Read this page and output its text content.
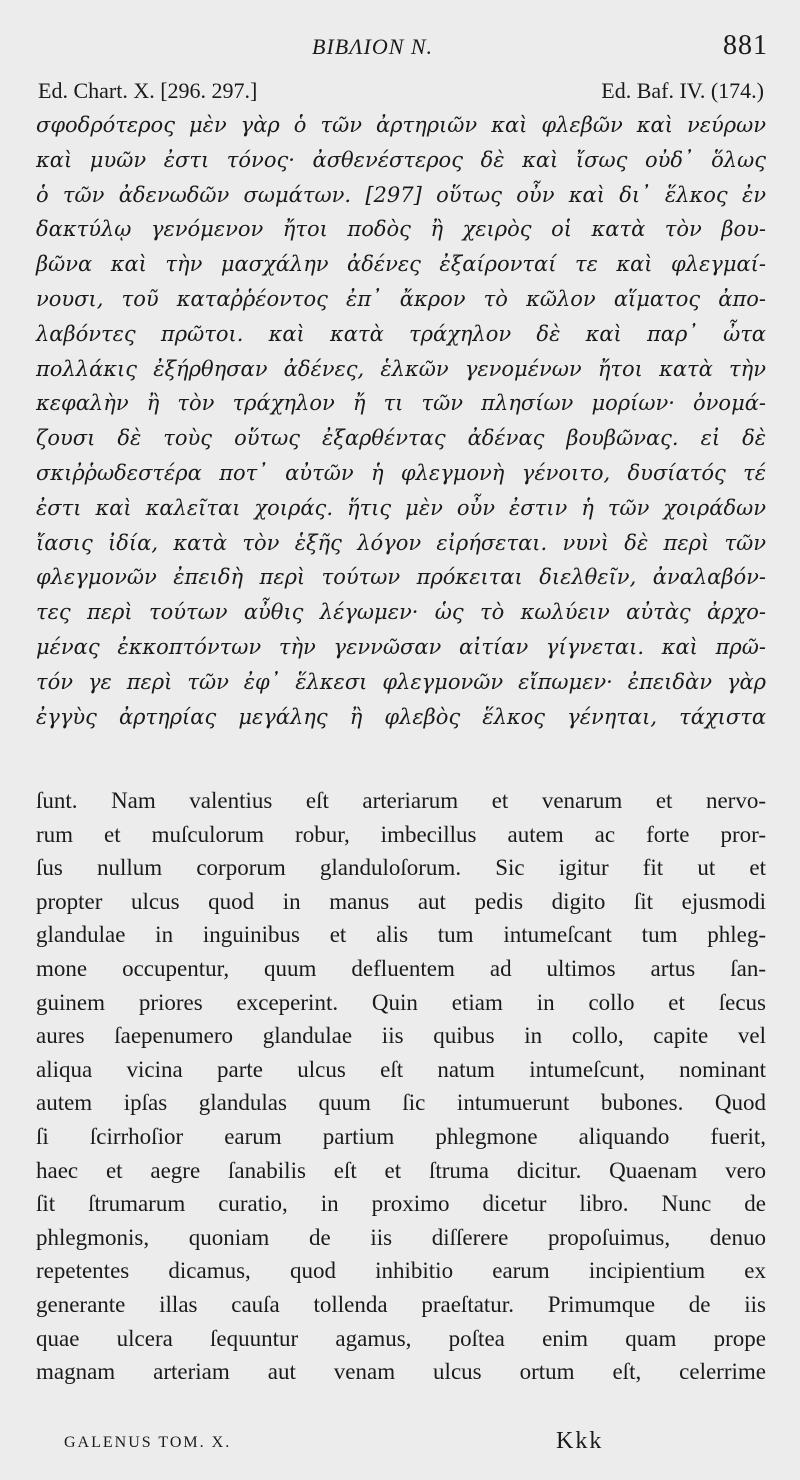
ΒΙΒΛΙΟΝ Ν.	881
Ed. Chart. X. [296. 297.]	Ed. Baf. IV. (174.)
σφοδρότερος μὲν γὰρ ὁ τῶν ἀρτηριῶν καὶ φλεβῶν καὶ νεύρων
καὶ μυῶν ἐστι τόνος· ἀσθενέστερος δὲ καὶ ἴσως οὐδ᾽ ὅλως
ὁ τῶν ἀδενωδῶν σωμάτων. [297] οὕτως οὖν καὶ δι᾽ ἕλκος ἐν
δακτύλῳ γενόμενον ἤτοι ποδὸς ἢ χειρὸς οἱ κατὰ τὸν βου-
βῶνα καὶ τὴν μασχάλην ἀδένες ἐξαίρονταί τε καὶ φλεγμαί-
νουσι, τοῦ καταῤῥέοντος ἐπ᾽ ἄκρον τὸ κῶλον αἵματος ἀπο-
λαβόντες πρῶτοι. καὶ κατὰ τράχηλον δὲ καὶ παρ᾽ ὦτα
πολλάκις ἐξήρθησαν ἀδένες, ἑλκῶν γενομένων ἤτοι κατὰ τὴν
κεφαλὴν ἢ τὸν τράχηλον ἤ τι τῶν πλησίων μορίων· ὀνομά-
ζουσι δὲ τοὺς οὕτως ἐξαρθέντας ἀδένας βουβῶνας. εἰ δὲ
σκιῤῥωδεστέρα ποτ᾽ αὐτῶν ἡ φλεγμονὴ γένοιτο, δυσίατός τέ
ἐστι καὶ καλεῖται χοιράς. ἥτις μὲν οὖν ἐστιν ἡ τῶν χοιράδων
ἴασις ἰδία, κατὰ τὸν ἑξῆς λόγον εἰρήσεται. νυνὶ δὲ περὶ τῶν
φλεγμονῶν ἐπειδὴ περὶ τούτων πρόκειται διελθεῖν, ἀναλαβόν-
τες περὶ τούτων αὖθις λέγωμεν· ὡς τὸ κωλύειν αὐτὰς ἀρχο-
μένας ἐκκοπτόντων τὴν γεννῶσαν αἰτίαν γίγνεται. καὶ πρῶ-
τόν γε περὶ τῶν ἐφ᾽ ἕλκεσι φλεγμονῶν εἴπωμεν· ἐπειδὰν γὰρ
ἐγγὺς ἀρτηρίας μεγάλης ἢ φλεβὸς ἕλκος γένηται, τάχιστα
ſunt. Nam valentius eſt arteriarum et venarum et nervo-
rum et muſculorum robur, imbecillus autem ac forte pror-
ſus nullum corporum glanduloſorum. Sic igitur fit ut et
propter ulcus quod in manus aut pedis digito ſit ejusmodi
glandulae in inguinibus et alis tum intumeſcant tum phleg-
mone occupentur, quum defluentem ad ultimos artus ſan-
guinem priores exceperint. Quin etiam in collo et ſecus
aures ſaepenumero glandulae iis quibus in collo, capite vel
aliqua vicina parte ulcus eſt natum intumeſcunt, nominant
autem ipſas glandulas quum ſic intumuerunt bubones. Quod
ſi ſcirrhoſior earum partium phlegmone aliquando fuerit,
haec et aegre ſanabilis eſt et ſtruma dicitur. Quaenam vero
ſit ſtrumarum curatio, in proximo dicetur libro. Nunc de
phlegmonis, quoniam de iis diſſerere propoſuimus, denuo
repetentes dicamus, quod inhibitio earum incipientium ex
generante illas cauſa tollenda praeſtatur. Primumque de iis
quae ulcera ſequuntur agamus, poſtea enim quam prope
magnam arteriam aut venam ulcus ortum eſt, celerrime
GALENUS TOM. X.	Kkk
